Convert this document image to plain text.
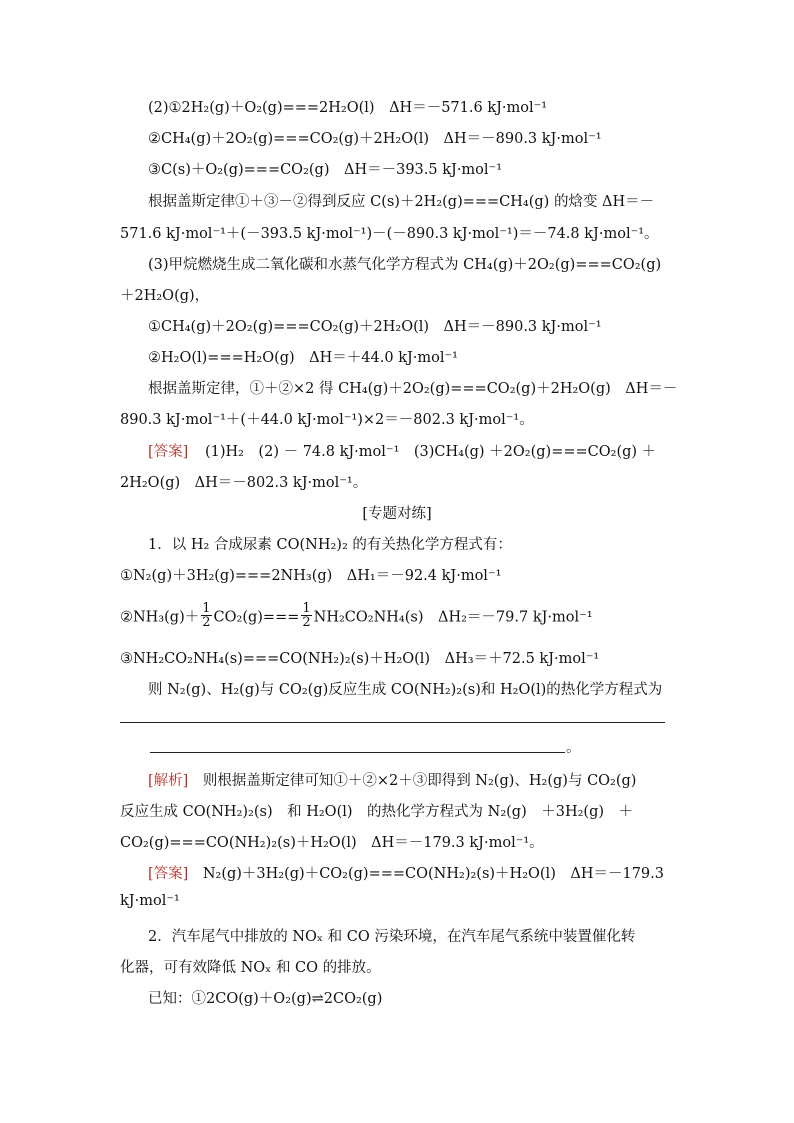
(2)①2H₂(g)＋O₂(g)===2H₂O(l)　ΔH＝－571.6 kJ·mol⁻¹
②CH₄(g)＋2O₂(g)===CO₂(g)＋2H₂O(l)　ΔH＝－890.3 kJ·mol⁻¹
③C(s)＋O₂(g)===CO₂(g)　ΔH＝－393.5 kJ·mol⁻¹
根据盖斯定律①＋③－②得到反应 C(s)＋2H₂(g)===CH₄(g) 的焓变 ΔH＝－
571.6 kJ·mol⁻¹＋(－393.5 kJ·mol⁻¹)－(－890.3 kJ·mol⁻¹)＝－74.8 kJ·mol⁻¹。
(3)甲烷燃烧生成二氧化碳和水蒸气化学方程式为 CH₄(g)＋2O₂(g)===CO₂(g)
＋2H₂O(g)，
①CH₄(g)＋2O₂(g)===CO₂(g)＋2H₂O(l)　ΔH＝－890.3 kJ·mol⁻¹
②H₂O(l)===H₂O(g)　ΔH＝＋44.0 kJ·mol⁻¹
根据盖斯定律，①＋②×2 得 CH₄(g)＋2O₂(g)===CO₂(g)＋2H₂O(g)　ΔH＝－
890.3 kJ·mol⁻¹＋(＋44.0 kJ·mol⁻¹)×2＝－802.3 kJ·mol⁻¹。
[答案] (1)H₂　(2) － 74.8 kJ·mol⁻¹　(3)CH₄(g) ＋2O₂(g)===CO₂(g) ＋
2H₂O(g)　ΔH＝－802.3 kJ·mol⁻¹。
[专题对练]
1．以 H₂ 合成尿素 CO(NH₂)₂ 的有关热化学方程式有：
①N₂(g)＋3H₂(g)===2NH₃(g)　ΔH₁＝－92.4 kJ·mol⁻¹
②NH₃(g)＋ $\frac{1}{2} CO_2(g)=== \frac{1}{2} NH_2CO_2NH_4(s)$　ΔH₂＝－79.7 kJ·mol⁻¹
③NH₂CO₂NH₄(s)===CO(NH₂)₂(s)＋H₂O(l)　ΔH₃＝＋72.5 kJ·mol⁻¹
则 N₂(g)、H₂(g)与 CO₂(g)反应生成 CO(NH₂)₂(s)和 H₂O(l)的热化学方程式为
。
[解析]　则根据盖斯定律可知①＋②×2＋③即得到 N₂(g)、H₂(g)与 CO₂(g)
反应生成 CO(NH₂)₂(s)　和 H₂O(l)　的热化学方程式为 N₂(g)　＋3H₂(g)　＋
CO₂(g)===CO(NH₂)₂(s)＋H₂O(l)　ΔH＝－179.3 kJ·mol⁻¹。
[答案]　N₂(g)＋3H₂(g)＋CO₂(g)===CO(NH₂)₂(s)＋H₂O(l)　ΔH＝－179.3
kJ·mol⁻¹
2．汽车尾气中排放的 NOₓ 和 CO 污染环境，在汽车尾气系统中装置催化转
化器，可有效降低 NOₓ 和 CO 的排放。
已知：①2CO(g)＋O₂(g)⇌2CO₂(g)
